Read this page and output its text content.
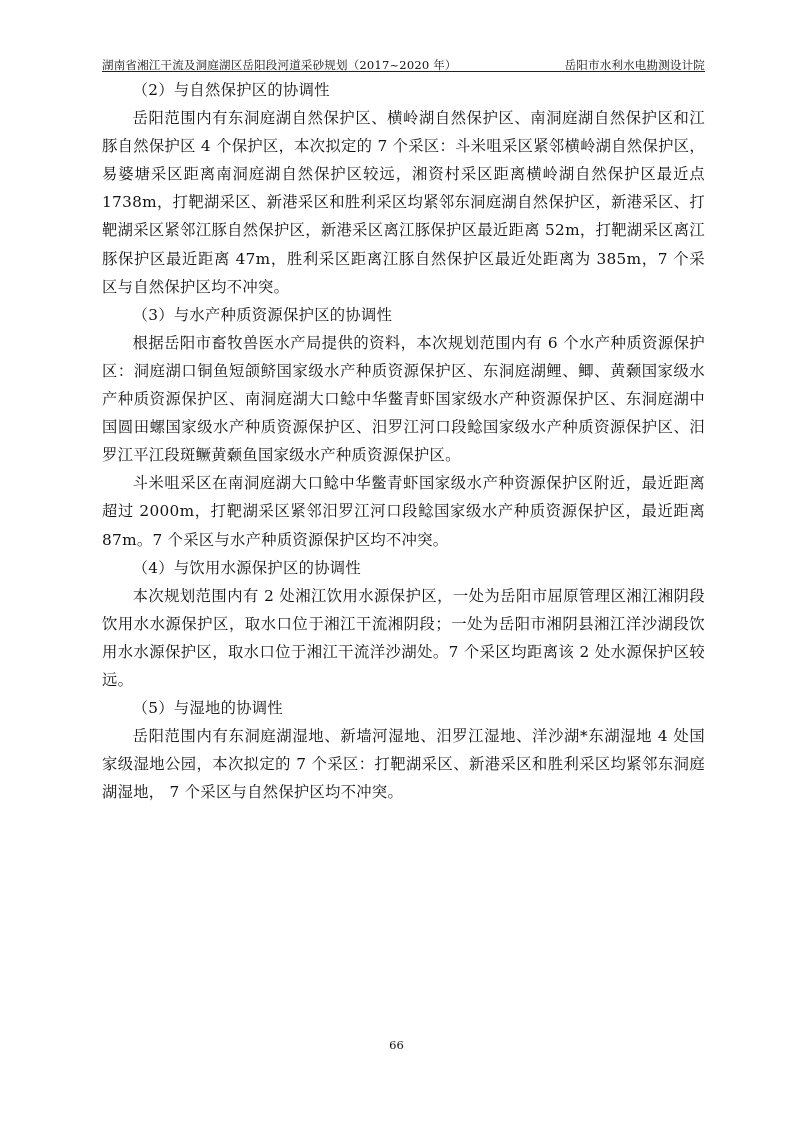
湖南省湘江干流及洞庭湖区岳阳段河道采砂规划（2017~2020 年）	岳阳市水利水电勘测设计院

（2）与自然保护区的协调性

岳阳范围内有东洞庭湖自然保护区、横岭湖自然保护区、南洞庭湖自然保护区和江豚自然保护区 4 个保护区，本次拟定的 7 个采区：斗米咀采区紧邻横岭湖自然保护区，易婆塘采区距离南洞庭湖自然保护区较远，湘资村采区距离横岭湖自然保护区最近点 1738m，打靶湖采区、新港采区和胜利采区均紧邻东洞庭湖自然保护区，新港采区、打靶湖采区紧邻江豚自然保护区，新港采区离江豚保护区最近距离 52m，打靶湖采区离江豚保护区最近距离 47m，胜利采区距离江豚自然保护区最近处距离为 385m，7 个采区与自然保护区均不冲突。

（3）与水产种质资源保护区的协调性

根据岳阳市畜牧兽医水产局提供的资料，本次规划范围内有 6 个水产种质资源保护区：洞庭湖口铜鱼短颌鲚国家级水产种质资源保护区、东洞庭湖鲤、鲫、黄颡国家级水产种质资源保护区、南洞庭湖大口鲶中华鳖青虾国家级水产种资源保护区、东洞庭湖中国圆田螺国家级水产种质资源保护区、汨罗江河口段鲶国家级水产种质资源保护区、汨罗江平江段斑鳜黄颡鱼国家级水产种质资源保护区。

斗米咀采区在南洞庭湖大口鲶中华鳖青虾国家级水产种资源保护区附近，最近距离超过 2000m，打靶湖采区紧邻汨罗江河口段鲶国家级水产种质资源保护区，最近距离 87m。7 个采区与水产种质资源保护区均不冲突。

（4）与饮用水源保护区的协调性

本次规划范围内有 2 处湘江饮用水源保护区，一处为岳阳市屈原管理区湘江湘阴段饮用水水源保护区，取水口位于湘江干流湘阴段；一处为岳阳市湘阴县湘江洋沙湖段饮用水水源保护区，取水口位于湘江干流洋沙湖处。7 个采区均距离该 2 处水源保护区较远。

（5）与湿地的协调性

岳阳范围内有东洞庭湖湿地、新墙河湿地、汨罗江湿地、洋沙湖*东湖湿地 4 处国家级湿地公园，本次拟定的 7 个采区：打靶湖采区、新港采区和胜利采区均紧邻东洞庭湖湿地， 7 个采区与自然保护区均不冲突。

66
